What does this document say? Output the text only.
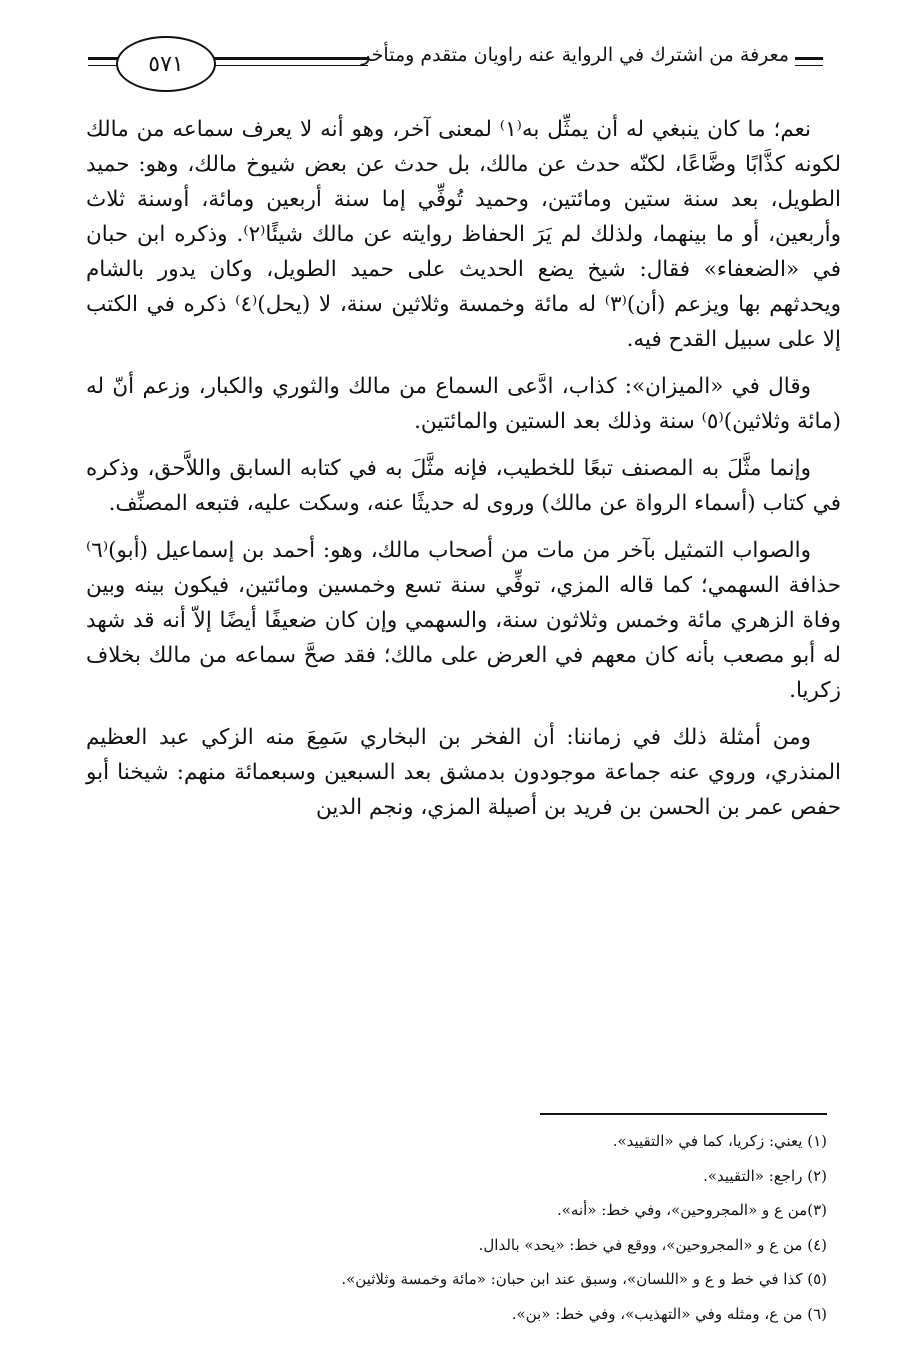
٥٧١	معرفة من اشترك في الرواية عنه راويان متقدم ومتأخر

نعم؛ ما كان ينبغي له أن يمثِّل به⁽١⁾ لمعنى آخر، وهو أنه لا يعرف سماعه من مالك لكونه كذَّابًا وضَّاعًا، لكنّه حدث عن مالك، بل حدث عن بعض شيوخ مالك، وهو: حميد الطويل، بعد سنة ستين ومائتين، وحميد تُوفِّي إما سنة أربعين ومائة، أوسنة ثلاث وأربعين، أو ما بينهما، ولذلك لم يَرَ الحفاظ روايته عن مالك شيئًا⁽٢⁾. وذكره ابن حبان في «الضعفاء» فقال: شيخ يضع الحديث على حميد الطويل، وكان يدور بالشام ويحدثهم بها ويزعم (أن)⁽٣⁾ له مائة وخمسة وثلاثين سنة، لا (يحل)⁽٤⁾ ذكره في الكتب إلا على سبيل القدح فيه.

وقال في «الميزان»: كذاب، ادَّعى السماع من مالك والثوري والكبار، وزعم أنّ له (مائة وثلاثين)⁽٥⁾ سنة وذلك بعد الستين والمائتين.

وإنما مثَّلَ به المصنف تبعًا للخطيب، فإنه مثَّلَ به في كتابه السابق واللاَّحق، وذكره في كتاب (أسماء الرواة عن مالك) وروى له حديثًا عنه، وسكت عليه، فتبعه المصنِّف.

والصواب التمثيل بآخر من مات من أصحاب مالك، وهو: أحمد بن إسماعيل (أبو)⁽٦⁾ حذافة السهمي؛ كما قاله المزي، توفِّي سنة تسع وخمسين ومائتين، فيكون بينه وبين وفاة الزهري مائة وخمس وثلاثون سنة، والسهمي وإن كان ضعيفًا أيضًا إلاّ أنه قد شهد له أبو مصعب بأنه كان معهم في العرض على مالك؛ فقد صحَّ سماعه من مالك بخلاف زكريا.

ومن أمثلة ذلك في زماننا: أن الفخر بن البخاري سَمِعَ منه الزكي عبد العظيم المنذري، وروي عنه جماعة موجودون بدمشق بعد السبعين وسبعمائة منهم: شيخنا أبو حفص عمر بن الحسن بن فريد بن أصيلة المزي، ونجم الدين

(١) يعني: زكريا، كما في «التقييد».
(٢) راجع: «التقييد».
(٣)من ع و «المجروحين»، وفي خط: «أنه».
(٤) من ع و «المجروحين»، ووقع في خط: «يحد» بالدال.
(٥) كذا في خط و ع و «اللسان»، وسبق عند ابن حبان: «مائة وخمسة وثلاثين».
(٦) من ع، ومثله وفي «التهذيب»، وفي خط: «بن».
